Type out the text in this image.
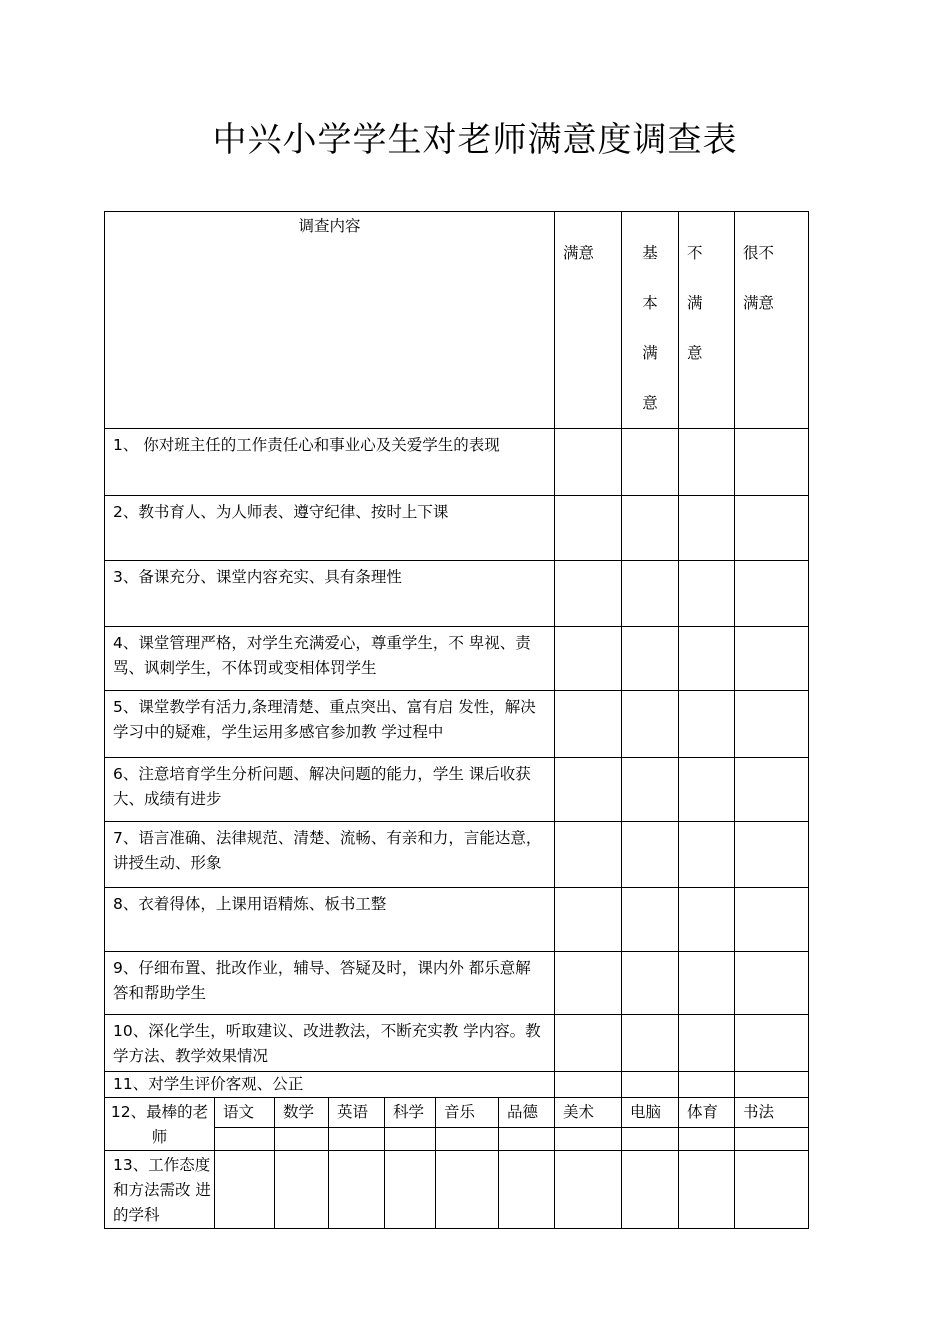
中兴小学学生对老师满意度调查表
调查内容							满意	基
本
满
意	不
满
意	很不
满意

1、 你对班主任的工作责任心和事业心及关爱学生的表现										
2、教书育人、为人师表、遵守纪律、按时上下课										
3、备课充分、课堂内容充实、具有条理性										
4、课堂管理严格，对学生充满爱心，尊重学生，不 卑视、责骂、讽刺学生，不体罚或变相体罚学生										
5、课堂教学有活力,条理清楚、重点突出、富有启 发性，解决学习中的疑难，学生运用多感官参加教 学过程中										
6、注意培育学生分析问题、解决问题的能力，学生 课后收获大、成绩有进步										
7、语言准确、法律规范、清楚、流畅、有亲和力，言能达意，讲授生动、形象										
8、衣着得体，上课用语精炼、板书工整										
9、仔细布置、批改作业，辅导、答疑及时，课内外 都乐意解答和帮助学生										
10、深化学生，听取建议、改进教法，不断充实教 学内容。教学方法、教学效果情况										
11、对学生评价客观、公正										
12、最棒的老师	语文	数学	英语	科学	音乐	品德	美术	电脑	体育	书法

13、工作态度 和方法需改 进的学科										
